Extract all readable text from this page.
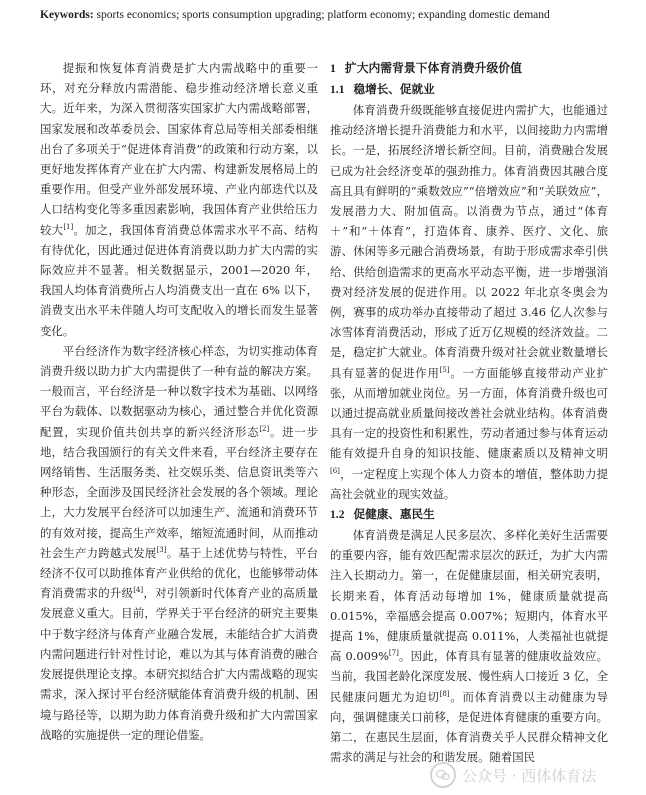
Keywords: sports economics; sports consumption upgrading; platform economy; expanding domestic demand

提振和恢复体育消费是扩大内需战略中的重要一环，对充分释放内需潜能、稳步推动经济增长意义重大。近年来，为深入贯彻落实国家扩大内需战略部署，国家发展和改革委员会、国家体育总局等相关部委相继出台了多项关于“促进体育消费”的政策和行动方案，以更好地发挥体育产业在扩大内需、构建新发展格局上的重要作用。但受产业外部发展环境、产业内部迭代以及人口结构变化等多重因素影响，我国体育产业供给压力较大[1]。加之，我国体育消费总体需求水平不高、结构有待优化，因此通过促进体育消费以助力扩大内需的实际效应并不显著。相关数据显示，2001—2020 年，我国人均体育消费所占人均消费支出一直在 6% 以下，消费支出水平未伴随人均可支配收入的增长而发生显著变化。

平台经济作为数字经济核心样态，为切实推动体育消费升级以助力扩大内需提供了一种有益的解决方案。一般而言，平台经济是一种以数字技术为基础、以网络平台为载体、以数据驱动为核心，通过整合并优化资源配置，实现价值共创共享的新兴经济形态[2]。进一步地，结合我国颁行的有关文件来看，平台经济主要存在网络销售、生活服务类、社交娱乐类、信息资讯类等六种形态，全面涉及国民经济社会发展的各个领域。理论上，大力发展平台经济可以加速生产、流通和消费环节的有效对接，提高生产效率，缩短流通时间，从而推动社会生产力跨越式发展[3]。基于上述优势与特性，平台经济不仅可以助推体育产业供给的优化，也能够带动体育消费需求的升级[4]，对引领新时代体育产业的高质量发展意义重大。目前，学界关于平台经济的研究主要集中于数字经济与体育产业融合发展，未能结合扩大消费内需问题进行针对性讨论，难以为其与体育消费的融合发展提供理论支撑。本研究拟结合扩大内需战略的现实需求，深入探讨平台经济赋能体育消费升级的机制、困境与路径等，以期为助力体育消费升级和扩大内需国家战略的实施提供一定的理论借鉴。

1 扩大内需背景下体育消费升级价值
1.1 稳增长、促就业

体育消费升级既能够直接促进内需扩大，也能通过推动经济增长提升消费能力和水平，以间接助力内需增长。一是，拓展经济增长新空间。目前，消费融合发展已成为社会经济变革的强劲推力。体育消费因其融合度高且具有鲜明的“乘数效应”“倍增效应”和“关联效应”，发展潜力大、附加值高。以消费为节点，通过“体育＋”和“＋体育”，打造体育、康养、医疗、文化、旅游、休闲等多元融合消费场景，有助于形成需求牵引供给、供给创造需求的更高水平动态平衡，进一步增强消费对经济发展的促进作用。以 2022 年北京冬奥会为例，赛事的成功举办直接带动了超过 3.46 亿人次参与冰雪体育消费活动，形成了近万亿规模的经济效益。二是，稳定扩大就业。体育消费升级对社会就业数量增长具有显著的促进作用[5]。一方面能够直接带动产业扩张，从而增加就业岗位。另一方面，体育消费升级也可以通过提高就业质量间接改善社会就业结构。体育消费具有一定的投资性和积累性，劳动者通过参与体育运动能有效提升自身的知识技能、健康素质以及精神文明[6]，一定程度上实现个体人力资本的增值，整体助力提高社会就业的现实效益。

1.2 促健康、惠民生

体育消费是满足人民多层次、多样化美好生活需要的重要内容，能有效匹配需求层次的跃迁，为扩大内需注入长期动力。第一，在促健康层面，相关研究表明，长期来看，体育活动每增加 1%，健康质量就提高 0.015%，幸福感会提高 0.007%；短期内，体育水平提高 1%，健康质量就提高 0.011%，人类福祉也就提高 0.009%[7]。因此，体育具有显著的健康收益效应。当前，我国老龄化深度发展、慢性病人口接近 3 亿，全民健康问题尤为迫切[8]。而体育消费以主动健康为导向，强调健康关口前移，是促进体育健康的重要方向。第二，在惠民生层面，体育消费关乎人民群众精神文化需求的满足与社会的和谐发展。随着国民

公众号 · 西体体育法
